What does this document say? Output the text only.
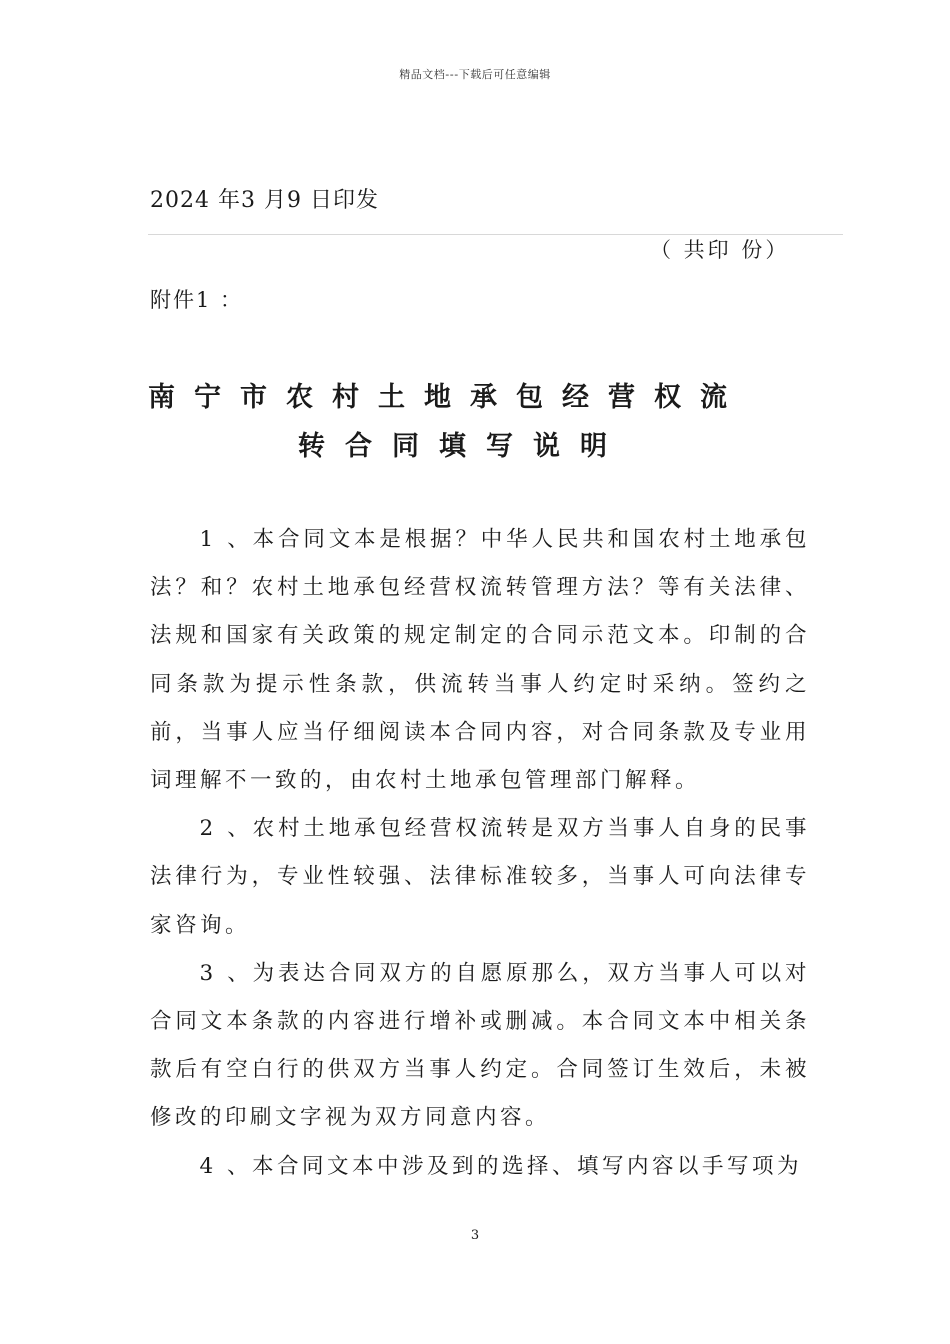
精品文档---下载后可任意编辑
2024 年3 月9 日印发
（ 共印 份）
附件1 ：
南宁市农村土地承包经营权流
转合同填写说明

1 、本合同文本是根据？中华人民共和国农村土地承包法？和？农村土地承包经营权流转管理方法？等有关法律、法规和国家有关政策的规定制定的合同示范文本。印制的合同条款为提示性条款，供流转当事人约定时采纳。签约之前，当事人应当仔细阅读本合同内容，对合同条款及专业用词理解不一致的，由农村土地承包管理部门解释。

2 、农村土地承包经营权流转是双方当事人自身的民事法律行为，专业性较强、法律标准较多，当事人可向法律专家咨询。

3 、为表达合同双方的自愿原那么，双方当事人可以对合同文本条款的内容进行增补或删减。本合同文本中相关条款后有空白行的供双方当事人约定。合同签订生效后，未被修改的印刷文字视为双方同意内容。

4 、本合同文本中涉及到的选择、填写内容以手写项为

3
